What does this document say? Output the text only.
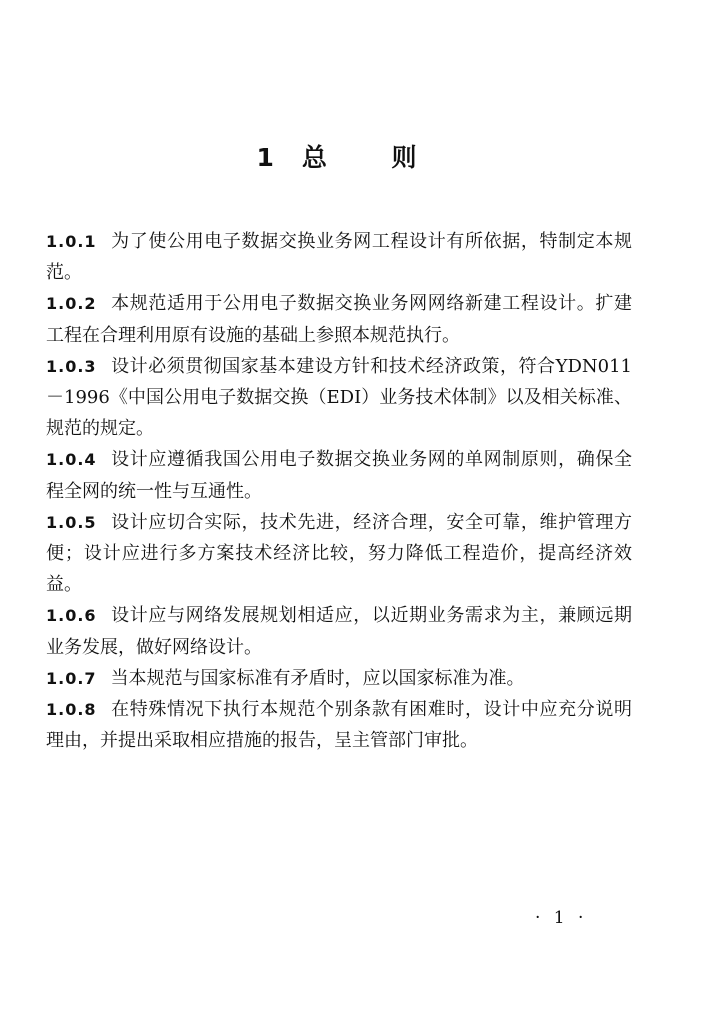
1 总 则

1.0.1 为了使公用电子数据交换业务网工程设计有所依据，特制定本规范。

1.0.2 本规范适用于公用电子数据交换业务网网络新建工程设计。扩建工程在合理利用原有设施的基础上参照本规范执行。

1.0.3 设计必须贯彻国家基本建设方针和技术经济政策，符合YDN011－1996《中国公用电子数据交换（EDI）业务技术体制》以及相关标准、规范的规定。

1.0.4 设计应遵循我国公用电子数据交换业务网的单网制原则，确保全程全网的统一性与互通性。

1.0.5 设计应切合实际，技术先进，经济合理，安全可靠，维护管理方便；设计应进行多方案技术经济比较，努力降低工程造价，提高经济效益。

1.0.6 设计应与网络发展规划相适应，以近期业务需求为主，兼顾远期业务发展，做好网络设计。

1.0.7 当本规范与国家标准有矛盾时，应以国家标准为准。

1.0.8 在特殊情况下执行本规范个别条款有困难时，设计中应充分说明理由，并提出采取相应措施的报告，呈主管部门审批。

· 1 ·
